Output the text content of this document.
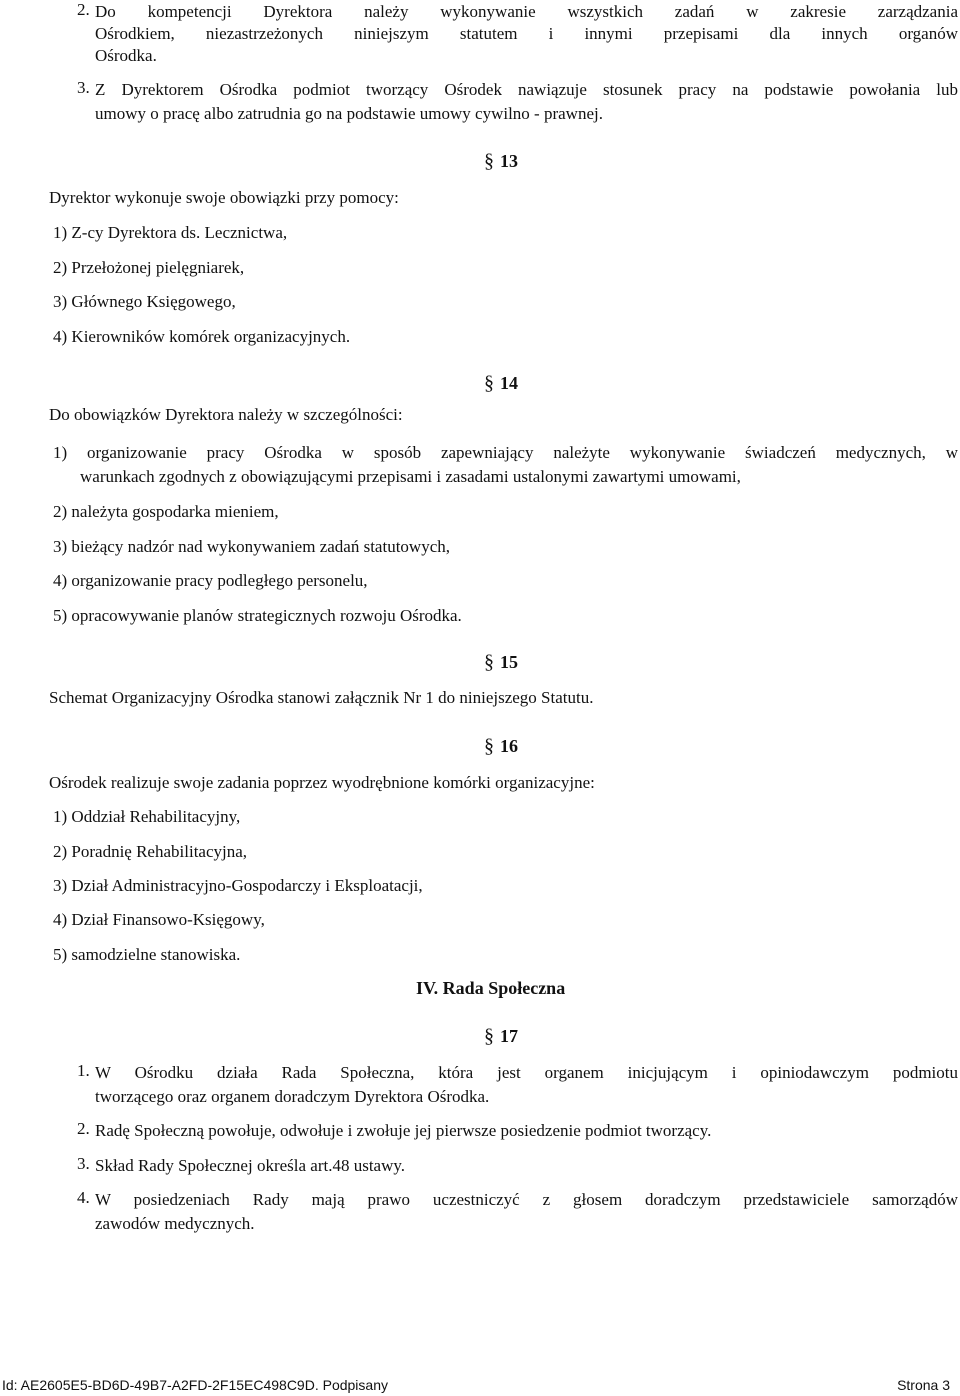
2. Do kompetencji Dyrektora należy wykonywanie wszystkich zadań w zakresie zarządzania
Ośrodkiem, niezastrzeżonych niniejszym statutem i innymi przepisami dla innych organów
Ośrodka.
3. Z Dyrektorem Ośrodka podmiot tworzący Ośrodek nawiązuje stosunek pracy na podstawie powołania lub
umowy o pracę albo zatrudnia go na podstawie umowy cywilno - prawnej.
§ 13
Dyrektor wykonuje swoje obowiązki przy pomocy:
1) Z-cy Dyrektora ds. Lecznictwa,
2) Przełożonej pielęgniarek,
3) Głównego Księgowego,
4) Kierowników komórek organizacyjnych.
§ 14
Do obowiązków Dyrektora należy w szczególności:
1) organizowanie pracy Ośrodka w sposób zapewniający należyte wykonywanie świadczeń medycznych, w
warunkach zgodnych z obowiązującymi przepisami i zasadami ustalonymi zawartymi umowami,
2) należyta gospodarka mieniem,
3) bieżący nadzór nad wykonywaniem zadań statutowych,
4) organizowanie pracy podległego personelu,
5) opracowywanie planów strategicznych rozwoju Ośrodka.
§ 15
Schemat Organizacyjny Ośrodka stanowi załącznik Nr 1 do niniejszego Statutu.
§ 16
Ośrodek realizuje swoje zadania poprzez wyodrębnione komórki organizacyjne:
1) Oddział Rehabilitacyjny,
2) Poradnię Rehabilitacyjna,
3) Dział Administracyjno-Gospodarczy i Eksploatacji,
4) Dział Finansowo-Księgowy,
5) samodzielne stanowiska.
IV. Rada Społeczna
§ 17
1. W Ośrodku działa Rada Społeczna, która jest organem inicjującym i opiniodawczym podmiotu
tworzącego oraz organem doradczym Dyrektora Ośrodka.
2. Radę Społeczną powołuje, odwołuje i zwołuje jej pierwsze posiedzenie podmiot tworzący.
3. Skład Rady Społecznej określa art.48 ustawy.
4. W posiedzeniach Rady mają prawo uczestniczyć z głosem doradczym przedstawiciele samorządów
zawodów medycznych.
Id: AE2605E5-BD6D-49B7-A2FD-2F15EC498C9D. Podpisany	Strona 3
